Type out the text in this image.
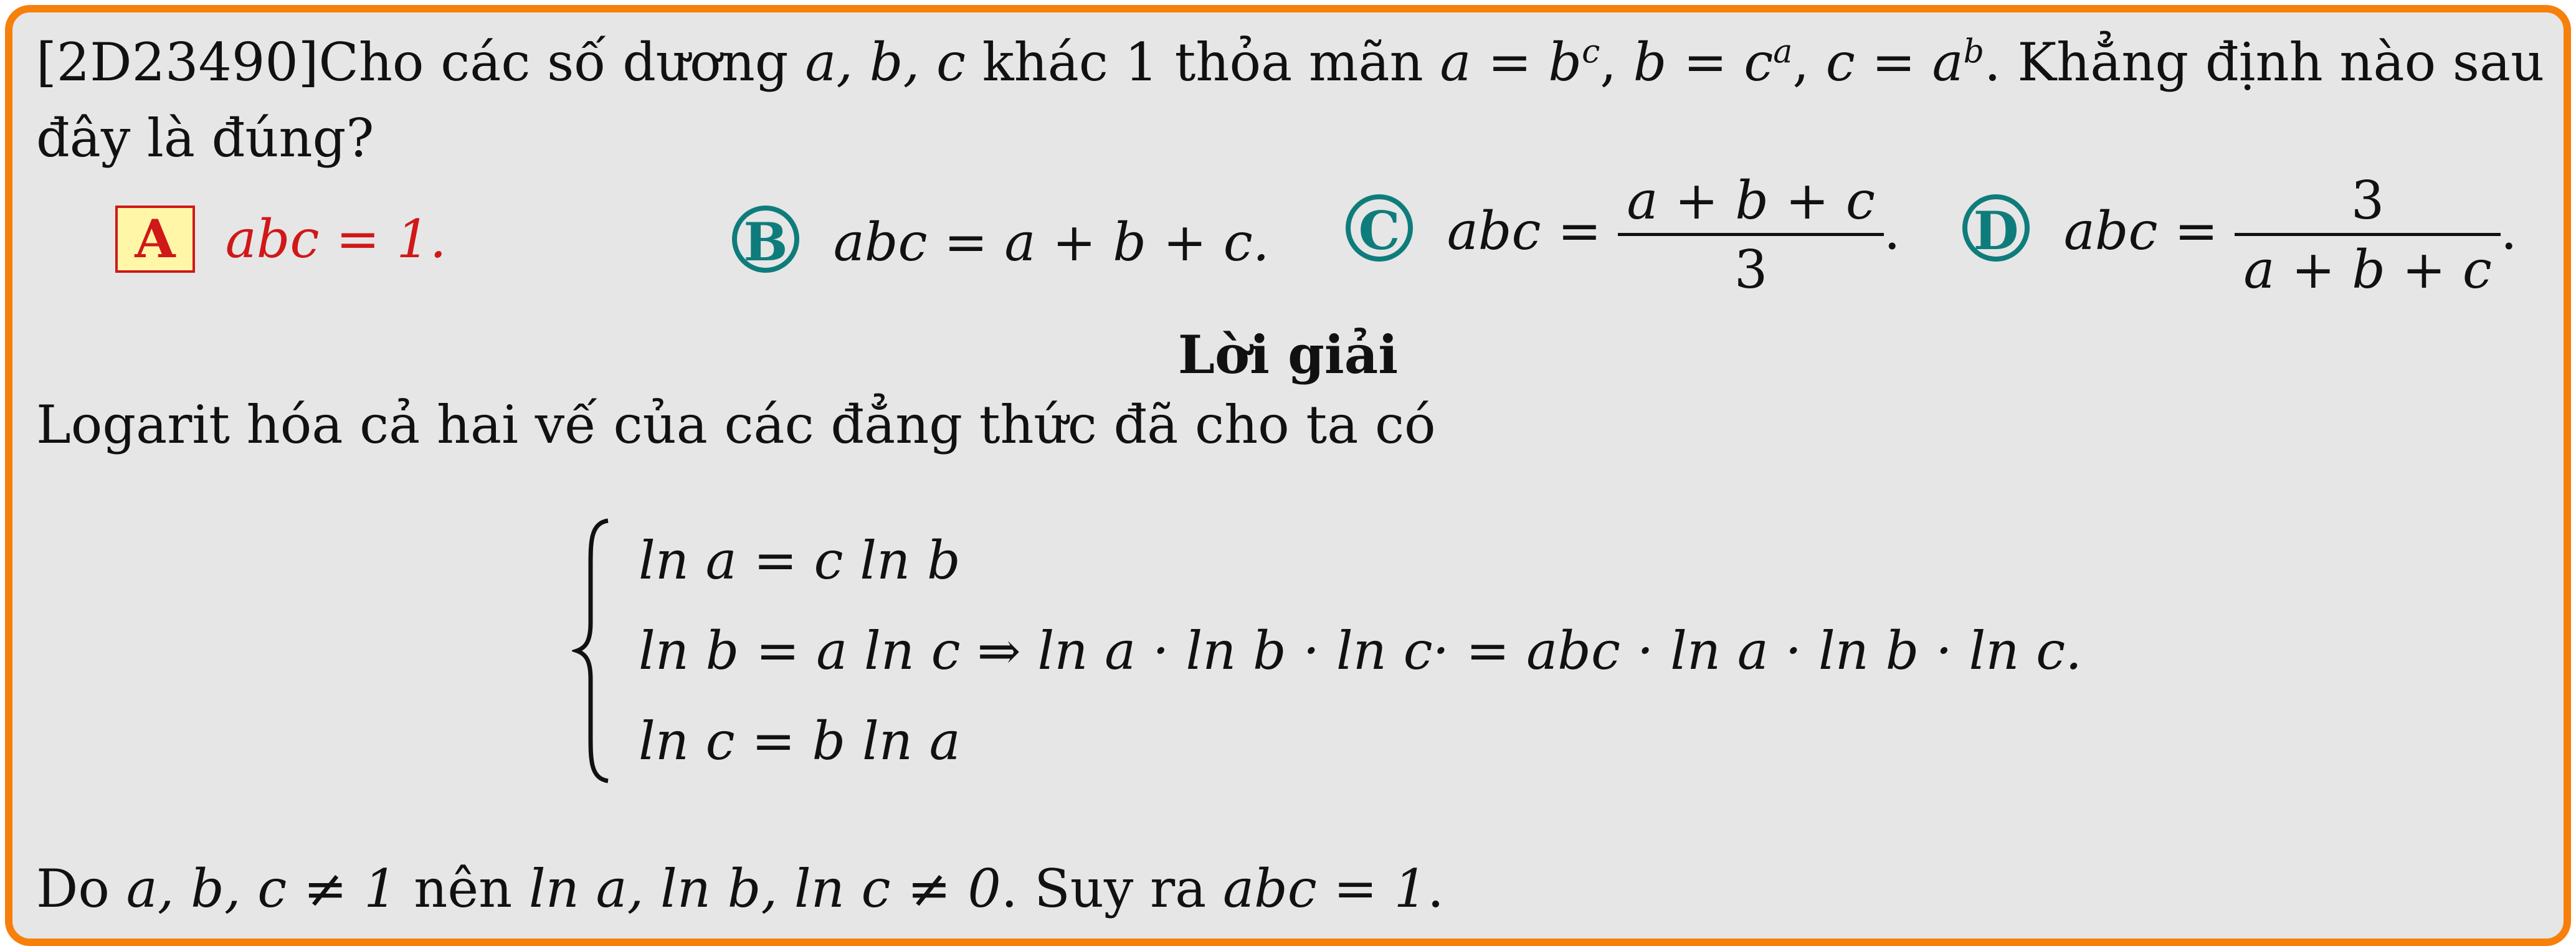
[2D23490]Cho các số dương a, b, c khác 1 thỏa mãn $a = b^c$, $b = c^a$, $c = a^b$. Khẳng định nào sau
đây là đúng?
A abc = 1.	B abc = a + b + c. C abc = $\frac{a + b + c}{3}$ . D abc = $\frac{3}{a + b + c}$ .
Lời giải
Logarit hóa cả hai vế của các đẳng thức đã cho ta có
ln a = c ln b
ln b = a ln c ⇒ ln a · ln b · ln c· = abc · ln a · ln b · ln c.
ln c = b ln a
Do a, b, c ≠ 1 nên ln a, ln b, ln c ≠ 0. Suy ra abc = 1.
